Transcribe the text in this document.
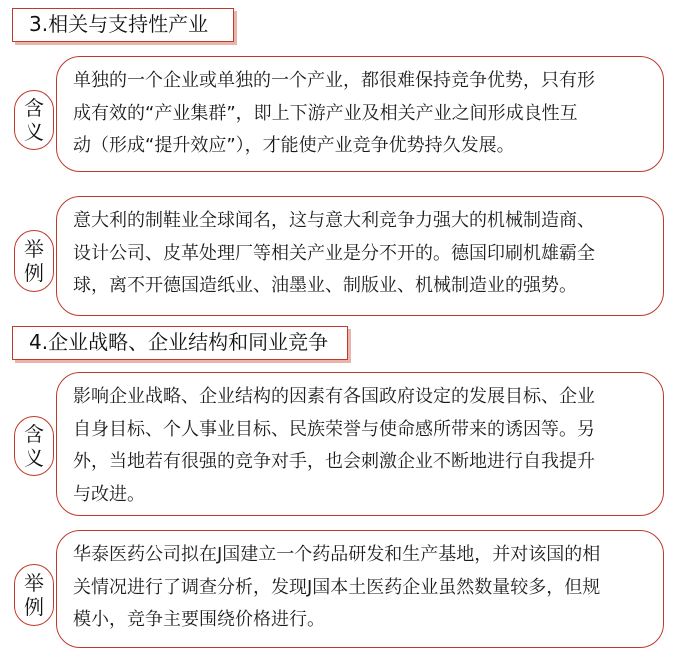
3.相关与支持性产业
单独的一个企业或单独的一个产业，都很难保持竞争优势，只有形
成有效的“产业集群”，即上下游产业及相关产业之间形成良性互
动（形成“提升效应”），才能使产业竞争优势持久发展。
含
义
意大利的制鞋业全球闻名，这与意大利竞争力强大的机械制造商、
设计公司、皮革处理厂等相关产业是分不开的。德国印刷机雄霸全
球，离不开德国造纸业、油墨业、制版业、机械制造业的强势。
举
例
4.企业战略、企业结构和同业竞争
影响企业战略、企业结构的因素有各国政府设定的发展目标、企业
自身目标、个人事业目标、民族荣誉与使命感所带来的诱因等。另
外，当地若有很强的竞争对手，也会刺激企业不断地进行自我提升
与改进。
含
义
华泰医药公司拟在J国建立一个药品研发和生产基地，并对该国的相
关情况进行了调查分析，发现J国本土医药企业虽然数量较多，但规
模小，竞争主要围绕价格进行。
举
例
